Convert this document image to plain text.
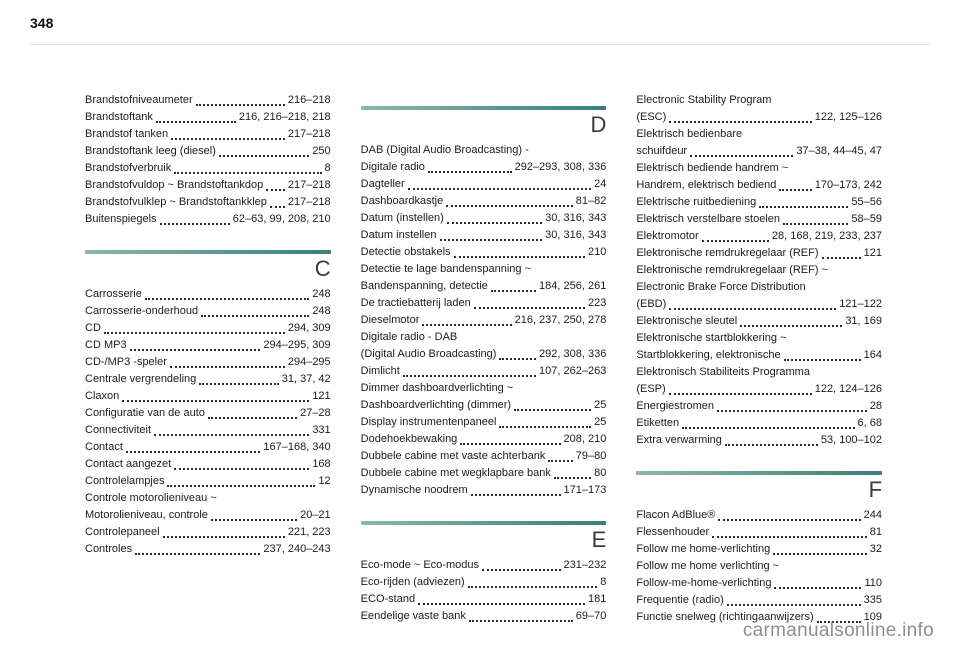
348
Brandstofniveaumeter	216–218
Brandstoftank	216, 216–218, 218
Brandstof tanken	217–218
Brandstoftank leeg (diesel)	250
Brandstofverbruik	8
Brandstofvuldop ~ Brandstoftankdop 217–218
Brandstofvulklep ~ Brandstoftankklep 217–218
Buitenspiegels	62–63, 99, 208, 210
C
Carrosserie	248
Carrosserie-onderhoud	248
CD	294, 309
CD MP3	294–295, 309
CD-/MP3 -speler	294–295
Centrale vergrendeling	31, 37, 42
Claxon	121
Configuratie van de auto	27–28
Connectiviteit	331
Contact	167–168, 340
Contact aangezet	168
Controlelampjes	12
Controle motorolieniveau ~
Motorolieniveau, controle	20–21
Controlepaneel	221, 223
Controles	237, 240–243
D
DAB (Digital Audio Broadcasting) -
Digitale radio	292–293, 308, 336
Dagteller	24
Dashboardkastje	81–82
Datum (instellen)	30, 316, 343
Datum instellen	30, 316, 343
Detectie obstakels	210
Detectie te lage bandenspanning ~
Bandenspanning, detectie	184, 256, 261
De tractiebatterij laden	223
Dieselmotor	216, 237, 250, 278
Digitale radio - DAB
(Digital Audio Broadcasting)	292, 308, 336
Dimlicht	107, 262–263
Dimmer dashboardverlichting ~
Dashboardverlichting (dimmer)	25
Display instrumentenpaneel	25
Dodehoekbewaking	208, 210
Dubbele cabine met vaste achterbank	79–80
Dubbele cabine met wegklapbare bank	80
Dynamische noodrem	171–173
E
Eco-mode ~ Eco-modus	231–232
Eco-rijden (adviezen)	8
ECO-stand	181
Eendelige vaste bank	69–70
Electronic Stability Program
(ESC)	122, 125–126
Elektrisch bedienbare
schuifdeur	37–38, 44–45, 47
Elektrisch bediende handrem ~
Handrem, elektrisch bediend	170–173, 242
Elektrische ruitbediening	55–56
Elektrisch verstelbare stoelen	58–59
Elektromotor	28, 168, 219, 233, 237
Elektronische remdrukregelaar (REF)	121
Elektronische remdrukregelaar (REF) ~
Electronic Brake Force Distribution
(EBD)	121–122
Elektronische sleutel	31, 169
Elektronische startblokkering ~
Startblokkering, elektronische	164
Elektronisch Stabiliteits Programma
(ESP)	122, 124–126
Energiestromen	28
Etiketten	6, 68
Extra verwarming	53, 100–102
F
Flacon AdBlue®	244
Flessenhouder	81
Follow me home-verlichting	32
Follow me home verlichting ~
Follow-me-home-verlichting	110
Frequentie (radio)	335
Functie snelweg (richtingaanwijzers)	109
carmanualsonline.info
